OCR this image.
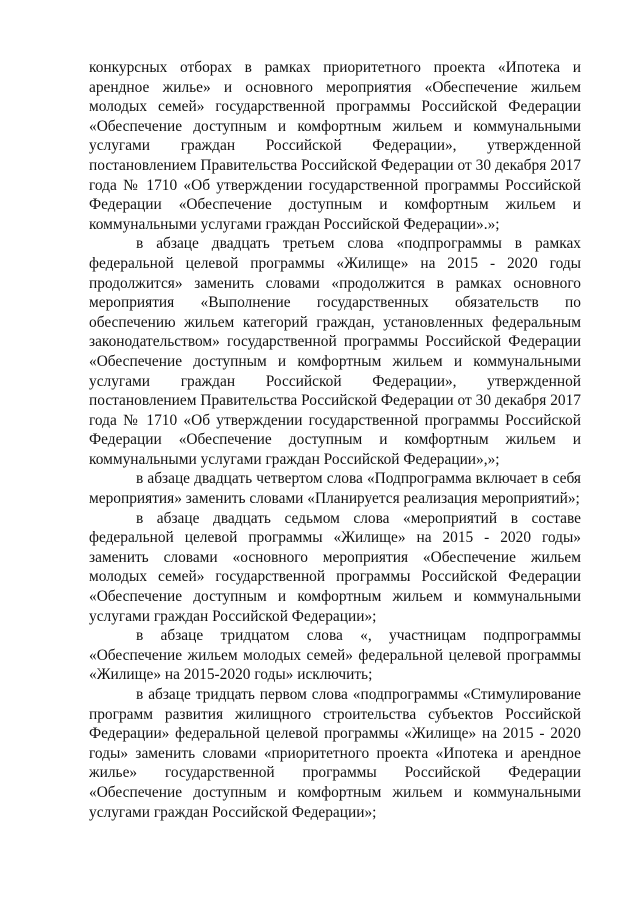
конкурсных отборах в рамках приоритетного проекта «Ипотека и арендное жилье» и основного мероприятия «Обеспечение жильем молодых семей» государственной программы Российской Федерации «Обеспечение доступным и комфортным жильем и коммунальными услугами граждан Российской Федерации», утвержденной постановлением Правительства Российской Федерации от 30 декабря 2017 года № 1710 «Об утверждении государственной программы Российской Федерации «Обеспечение доступным и комфортным жильем и коммунальными услугами граждан Российской Федерации».»;

в абзаце двадцать третьем слова «подпрограммы в рамках федеральной целевой программы «Жилище» на 2015 - 2020 годы продолжится» заменить словами «продолжится в рамках основного мероприятия «Выполнение государственных обязательств по обеспечению жильем категорий граждан, установленных федеральным законодательством» государственной программы Российской Федерации «Обеспечение доступным и комфортным жильем и коммунальными услугами граждан Российской Федерации», утвержденной постановлением Правительства Российской Федерации от 30 декабря 2017 года № 1710 «Об утверждении государственной программы Российской Федерации «Обеспечение доступным и комфортным жильем и коммунальными услугами граждан Российской Федерации»,»;

в абзаце двадцать четвертом слова «Подпрограмма включает в себя мероприятия» заменить словами «Планируется реализация мероприятий»;

в абзаце двадцать седьмом слова «мероприятий в составе федеральной целевой программы «Жилище» на 2015 - 2020 годы» заменить словами «основного мероприятия «Обеспечение жильем молодых семей» государственной программы Российской Федерации «Обеспечение доступным и комфортным жильем и коммунальными услугами граждан Российской Федерации»;

в абзаце тридцатом слова «, участницам подпрограммы «Обеспечение жильем молодых семей» федеральной целевой программы «Жилище» на 2015-2020 годы» исключить;

в абзаце тридцать первом слова «подпрограммы «Стимулирование программ развития жилищного строительства субъектов Российской Федерации» федеральной целевой программы «Жилище» на 2015 - 2020 годы» заменить словами «приоритетного проекта «Ипотека и арендное жилье» государственной программы Российской Федерации «Обеспечение доступным и комфортным жильем и коммунальными услугами граждан Российской Федерации»;
